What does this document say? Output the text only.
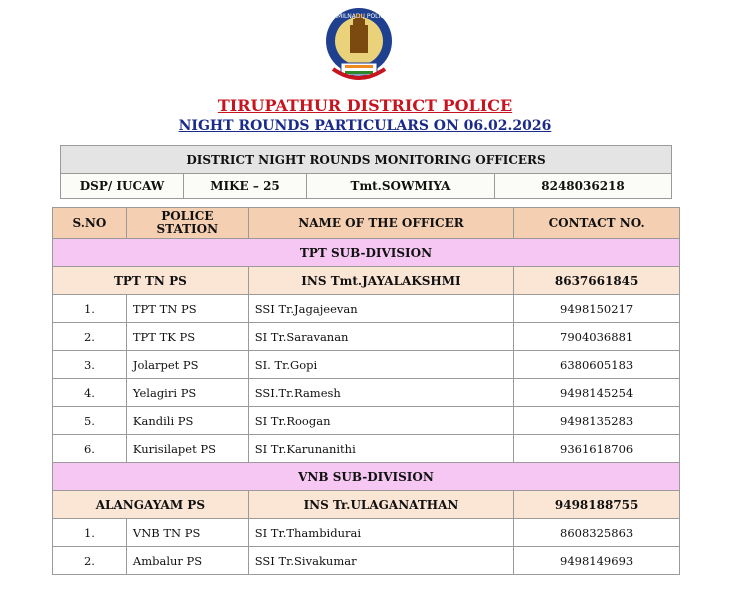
TAMILNADU POLICE
TIRUPATHUR DISTRICT POLICE
NIGHT ROUNDS PARTICULARS ON 06.02.2026
DISTRICT NIGHT ROUNDS MONITORING OFFICERS
DSP/ IUCAW	MIKE – 25	Tmt.SOWMIYA	8248036218
S.NO	POLICE STATION	NAME OF THE OFFICER	CONTACT NO.
TPT SUB-DIVISION			
TPT TN PS		INS Tmt.JAYALAKSHMI	8637661845
1.	TPT TN PS	SSI Tr.Jagajeevan	9498150217
2.	TPT TK PS	SI Tr.Saravanan	7904036881
3.	Jolarpet PS	SI. Tr.Gopi	6380605183
4.	Yelagiri PS	SSI.Tr.Ramesh	9498145254
5.	Kandili PS	SI Tr.Roogan	9498135283
6.	Kurisilapet PS	SI Tr.Karunanithi	9361618706
VNB SUB-DIVISION			
ALANGAYAM PS		INS Tr.ULAGANATHAN	9498188755
1.	VNB TN PS	SI Tr.Thambidurai	8608325863
2.	Ambalur PS	SSI Tr.Sivakumar	9498149693
